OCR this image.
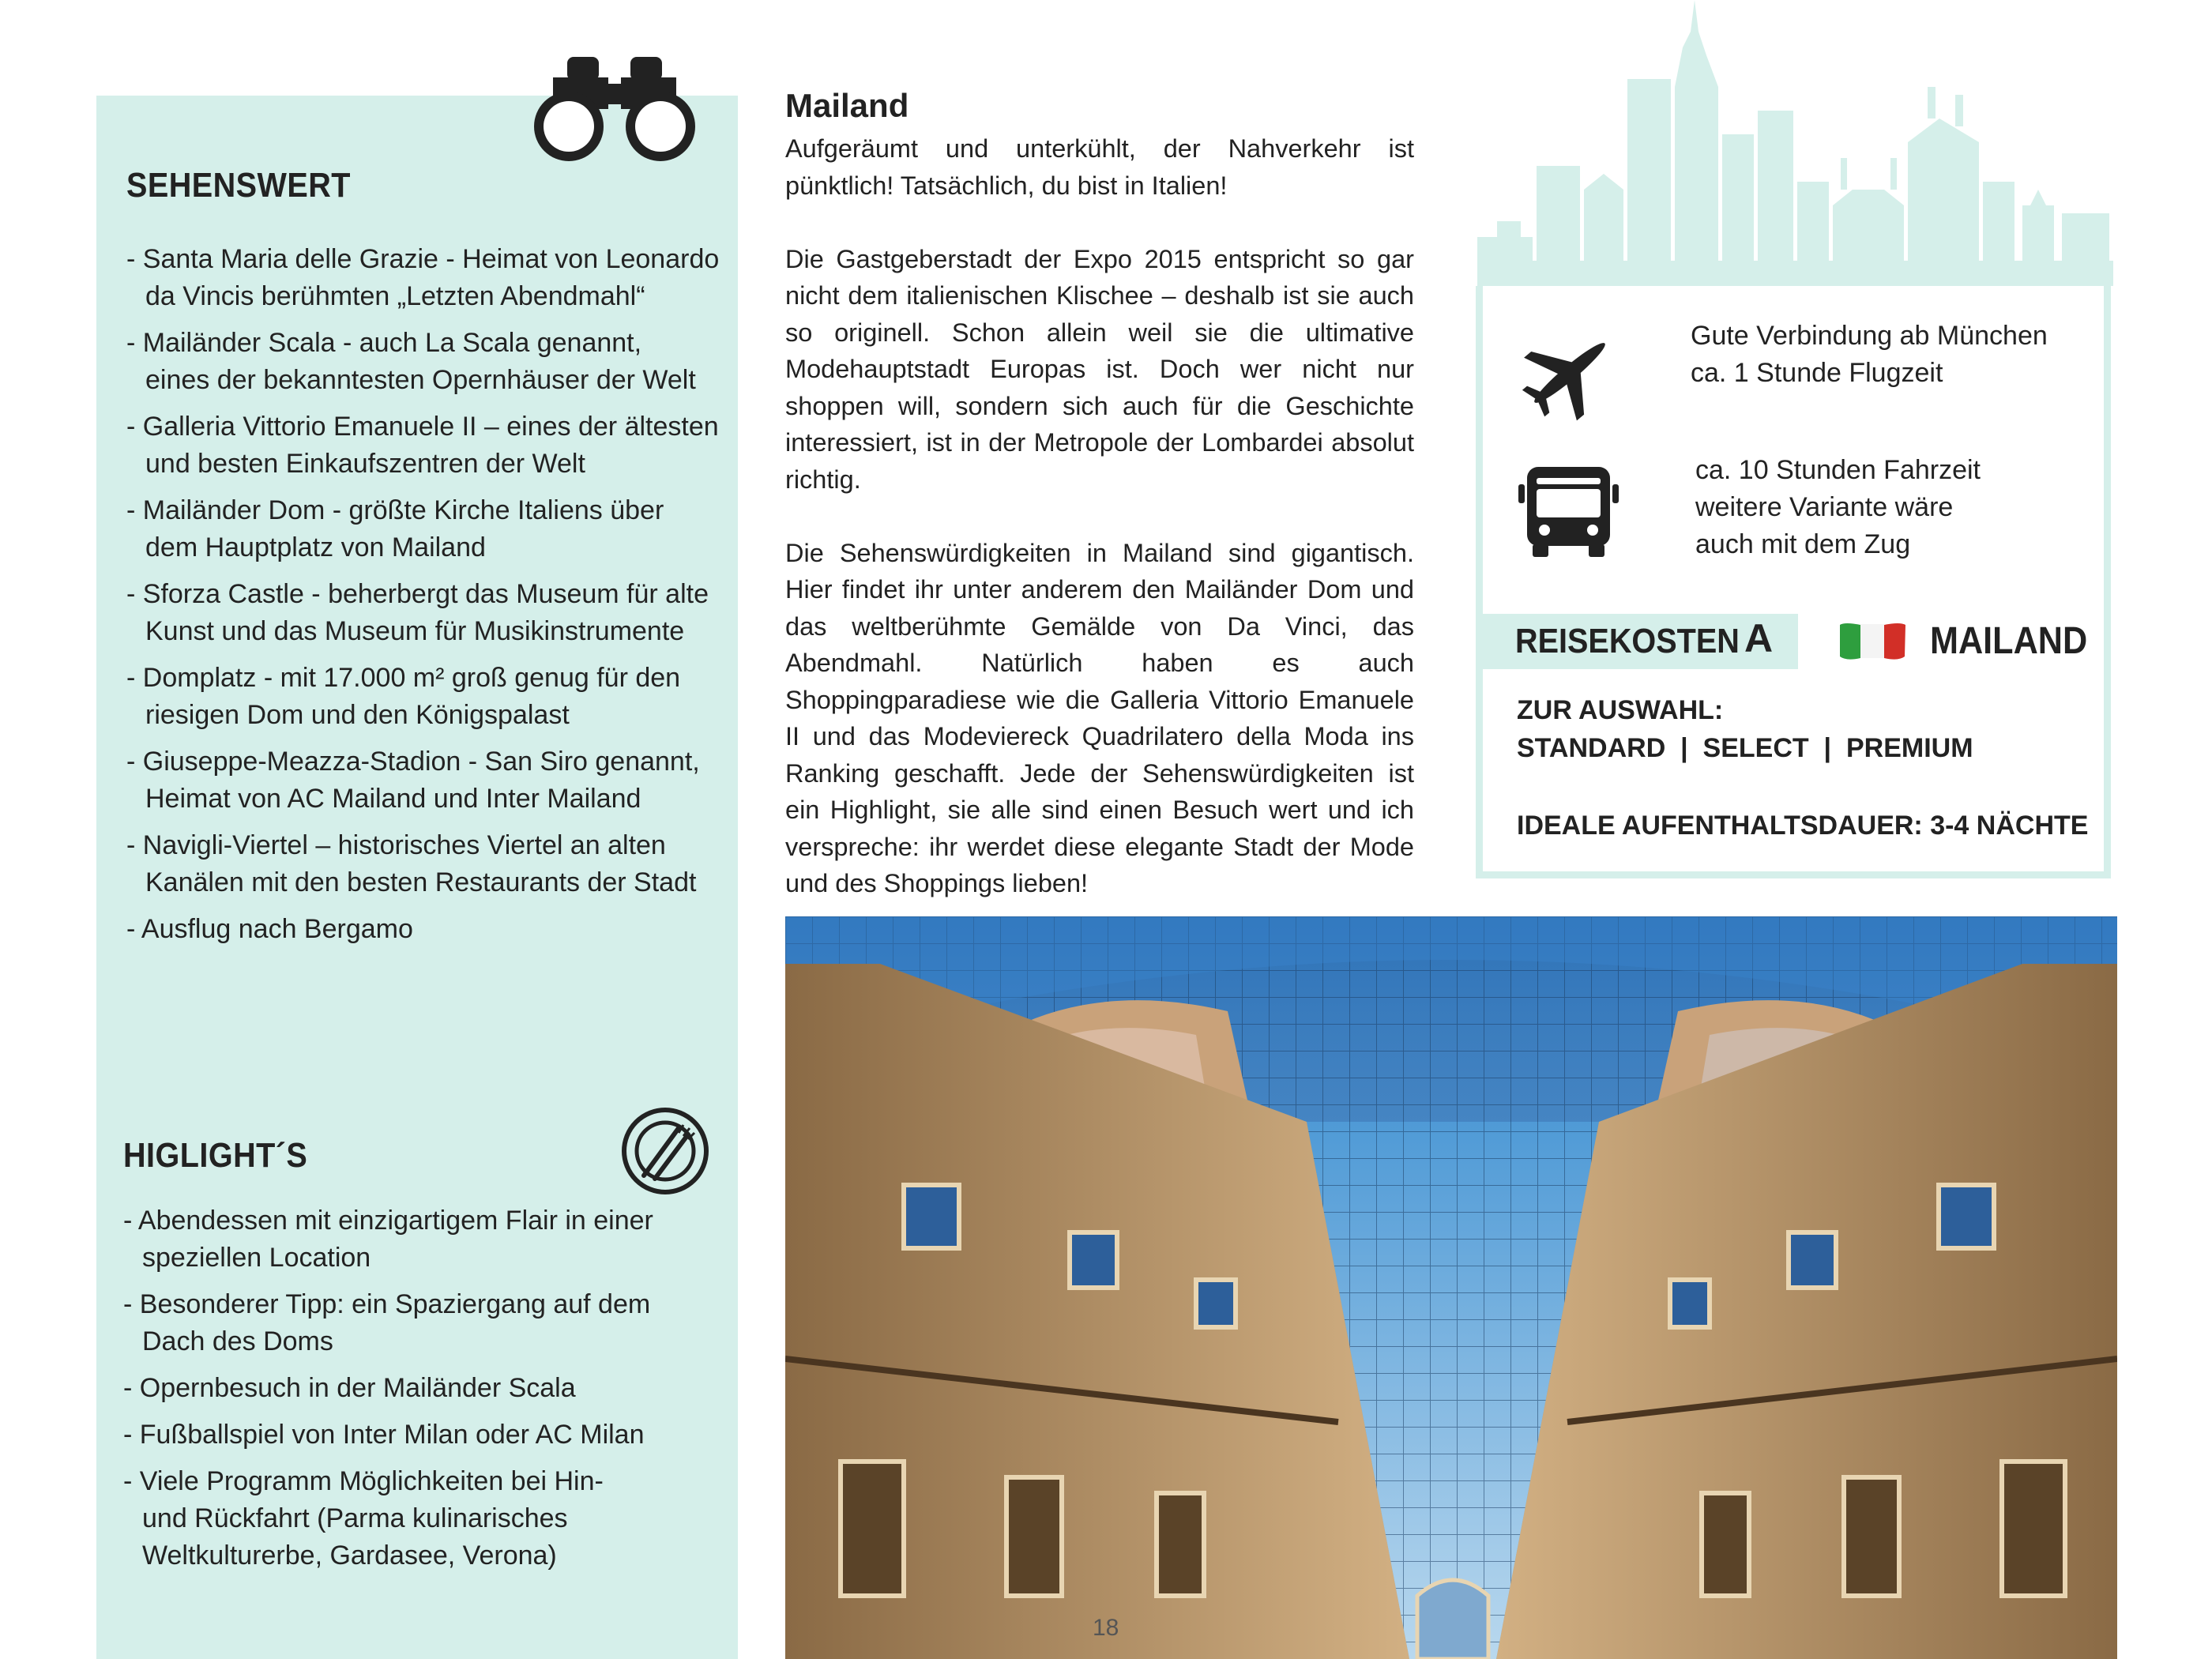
SEHENSWERT
- Santa Maria delle Grazie - Heimat von Leonardo
da Vincis berühmten „Letzten Abendmahl“
- Mailänder Scala - auch La Scala genannt,
eines der bekanntesten Opernhäuser der Welt
- Galleria Vittorio Emanuele II – eines der ältesten
und besten Einkaufszentren der Welt
- Mailänder Dom - größte Kirche Italiens über
dem Hauptplatz von Mailand
- Sforza Castle - beherbergt das Museum für alte
Kunst und das Museum für Musikinstrumente
- Domplatz - mit 17.000 m² groß genug für den
riesigen Dom und den Königspalast
- Giuseppe-Meazza-Stadion - San Siro genannt,
Heimat von AC Mailand und Inter Mailand
- Navigli-Viertel – historisches Viertel an alten
Kanälen mit den besten Restaurants der Stadt
- Ausflug nach Bergamo
HIGLIGHT´S
- Abendessen mit einzigartigem Flair in einer
speziellen Location
- Besonderer Tipp: ein Spaziergang auf dem
Dach des Doms
- Opernbesuch in der Mailänder Scala
- Fußballspiel von Inter Milan oder AC Milan
- Viele Programm Möglichkeiten bei Hin-
und Rückfahrt (Parma kulinarisches
Weltkulturerbe, Gardasee, Verona)
Mailand

Aufgeräumt und unterkühlt, der Nahverkehr ist pünktlich! Tatsächlich, du bist in Italien!

Die Gastgeberstadt der Expo 2015 entspricht so gar nicht dem italienischen Klischee – deshalb ist sie auch so originell. Schon allein weil sie die ultimative Modehauptstadt Europas ist. Doch wer nicht nur shoppen will, sondern sich auch für die Geschichte interessiert, ist in der Metropole der Lombardei absolut richtig.

Die Sehenswürdigkeiten in Mailand sind gigantisch. Hier findet ihr unter anderem den Mailänder Dom und das weltberühmte Gemälde von Da Vinci, das Abendmahl. Natürlich haben es auch Shoppingparadiese wie die Galleria Vittorio Emanuele II und das Modeviereck Quadrilatero della Moda ins Ranking geschafft. Jede der Sehenswürdigkeiten ist ein Highlight, sie alle sind einen Besuch wert und ich verspreche: ihr werdet diese elegante Stadt der Mode und des Shoppings lieben!

Gute Verbindung ab München
ca. 1 Stunde Flugzeit
ca. 10 Stunden Fahrzeit
weitere Variante wäre
auch mit dem Zug
REISEKOSTEN A	MAILAND
ZUR AUSWAHL:
STANDARD  |  SELECT  |  PREMIUM
IDEALE AUFENTHALTSDAUER: 3-4 NÄCHTE
18
